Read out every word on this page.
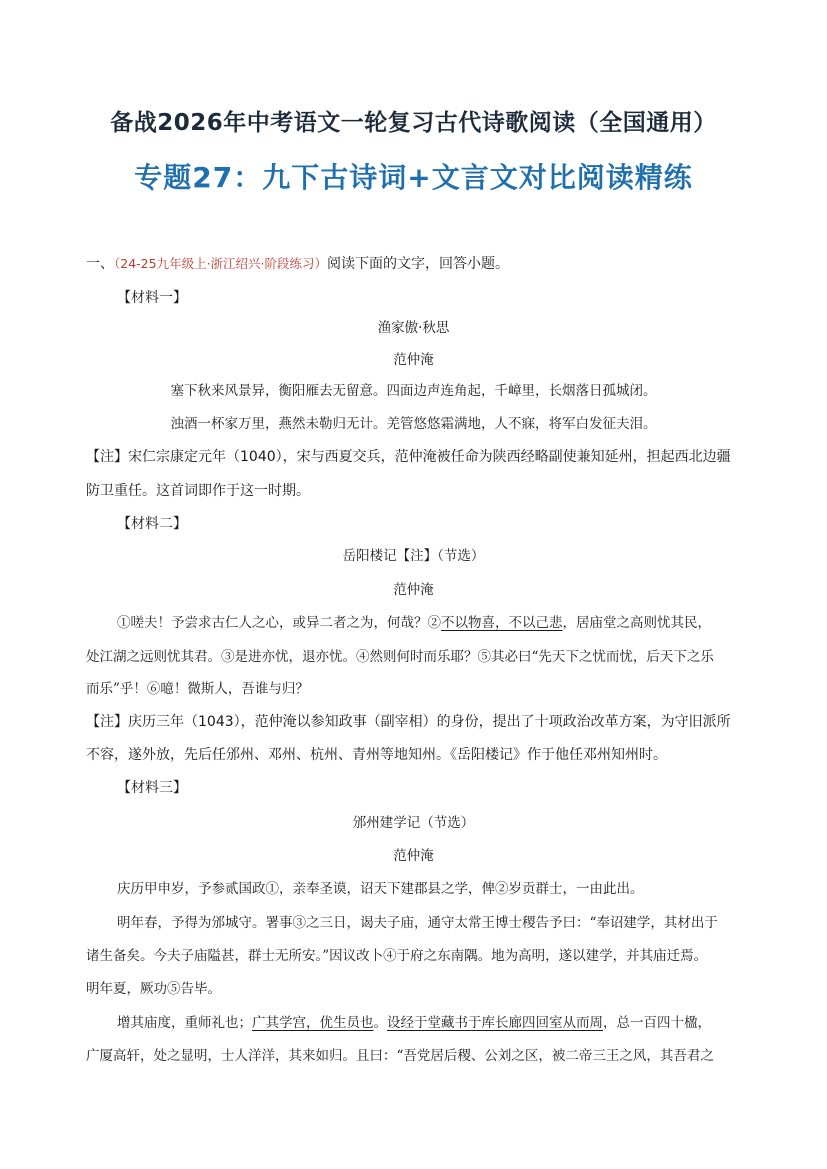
备战2026年中考语文一轮复习古代诗歌阅读（全国通用）
专题27：九下古诗词+文言文对比阅读精练
一、（24-25九年级上·浙江绍兴·阶段练习）阅读下面的文字，回答小题。
【材料一】
渔家傲·秋思
范仲淹
塞下秋来风景异，衡阳雁去无留意。四面边声连角起，千嶂里，长烟落日孤城闭。
浊酒一杯家万里，燕然未勒归无计。羌管悠悠霜满地，人不寐，将军白发征夫泪。
【注】宋仁宗康定元年（1040），宋与西夏交兵，范仲淹被任命为陕西经略副使兼知延州，担起西北边疆
防卫重任。这首词即作于这一时期。
【材料二】
岳阳楼记【注】（节选）
范仲淹
①嗟夫！予尝求古仁人之心，或异二者之为，何哉？②不以物喜，不以己悲，居庙堂之高则忧其民，
处江湖之远则忧其君。③是进亦忧，退亦忧。④然则何时而乐耶？⑤其必曰“先天下之忧而忧，后天下之乐
而乐”乎！⑥噫！微斯人，吾谁与归？
【注】庆历三年（1043），范仲淹以参知政事（副宰相）的身份，提出了十项政治改革方案，为守旧派所
不容，遂外放，先后任邠州、邓州、杭州、青州等地知州。《岳阳楼记》作于他任邓州知州时。
【材料三】
邠州建学记（节选）
范仲淹
庆历甲申岁，予参贰国政①，亲奉圣谟，诏天下建郡县之学，俾②岁贡群士，一由此出。
明年春，予得为邠城守。署事③之三日，谒夫子庙，通守太常王博士稷告予曰：“奉诏建学，其材出于
诸生备矣。今夫子庙隘甚，群士无所安。”因议改卜④于府之东南隅。地为高明，遂以建学，并其庙迁焉。
明年夏，厥功⑤告毕。
增其庙度，重师礼也；广其学宫，优生员也。设经于堂藏书于库长廊四回室从而周，总一百四十楹，
广厦高轩，处之显明，士人洋洋，其来如归。且曰：“吾党居后稷、公刘之区，被二帝三王之风，其吾君之
